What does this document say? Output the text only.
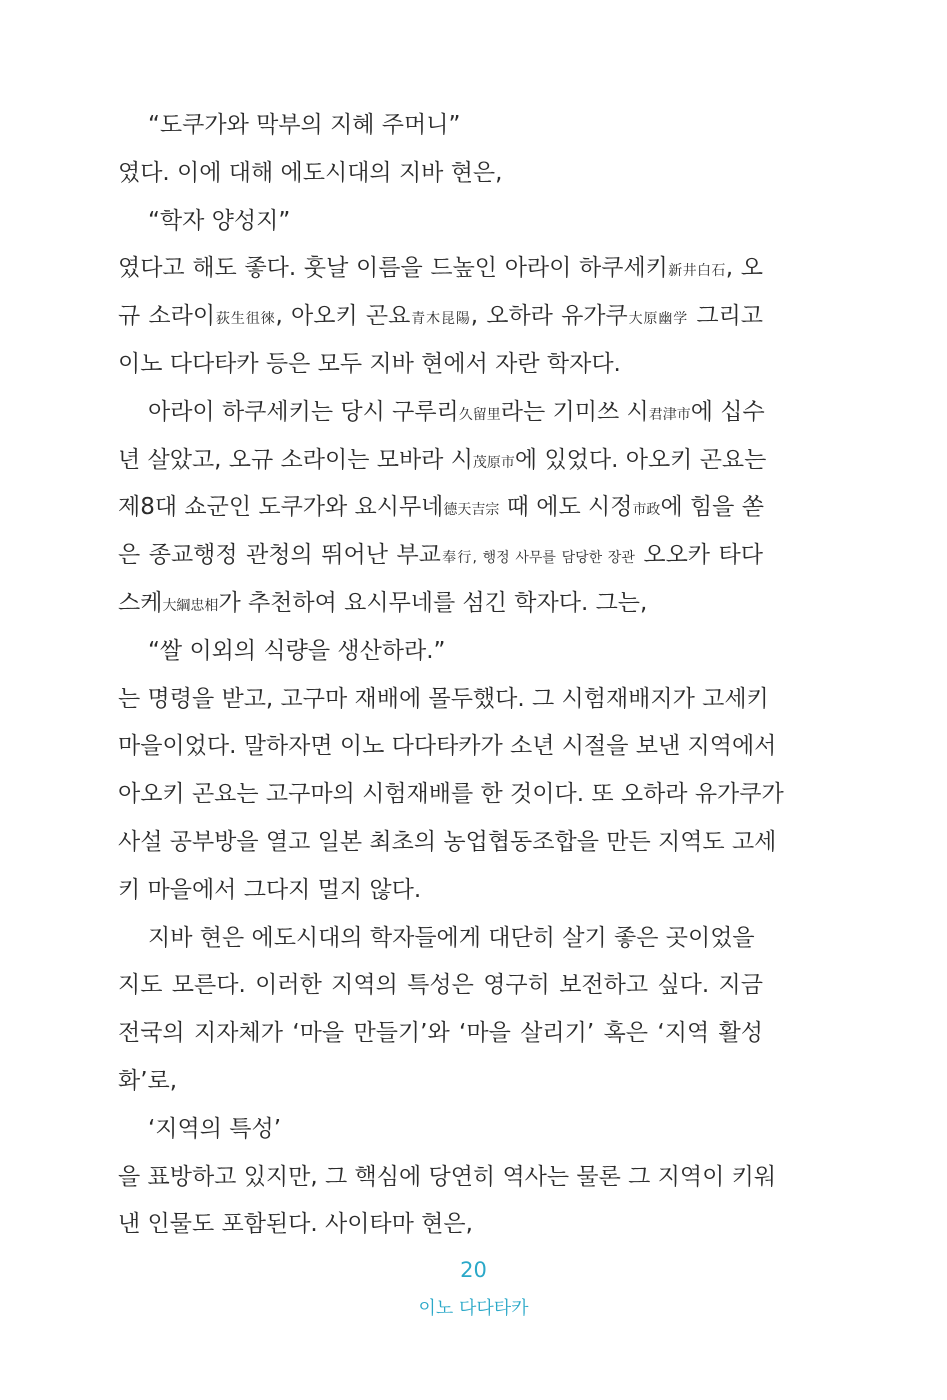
“도쿠가와 막부의 지혜 주머니”
였다. 이에 대해 에도시대의 지바 현은,
“학자 양성지”
였다고 해도 좋다. 훗날 이름을 드높인 아라이 하쿠세키新井白石, 오
규 소라이荻生徂徠, 아오키 곤요青木昆陽, 오하라 유가쿠大原幽学 그리고
이노 다다타카 등은 모두 지바 현에서 자란 학자다.
아라이 하쿠세키는 당시 구루리久留里라는 기미쓰 시君津市에 십수
년 살았고, 오규 소라이는 모바라 시茂原市에 있었다. 아오키 곤요는
제8대 쇼군인 도쿠가와 요시무네德天吉宗 때 에도 시정市政에 힘을 쏟
은 종교행정 관청의 뛰어난 부교奉行, 행정 사무를 담당한 장관 오오카 타다
스케大綱忠相가 추천하여 요시무네를 섬긴 학자다. 그는,
“쌀 이외의 식량을 생산하라.”
는 명령을 받고, 고구마 재배에 몰두했다. 그 시험재배지가 고세키
마을이었다. 말하자면 이노 다다타카가 소년 시절을 보낸 지역에서
아오키 곤요는 고구마의 시험재배를 한 것이다. 또 오하라 유가쿠가
사설 공부방을 열고 일본 최초의 농업협동조합을 만든 지역도 고세
키 마을에서 그다지 멀지 않다.
지바 현은 에도시대의 학자들에게 대단히 살기 좋은 곳이었을
지도 모른다. 이러한 지역의 특성은 영구히 보전하고 싶다. 지금
전국의 지자체가 ‘마을 만들기’와 ‘마을 살리기’ 혹은 ‘지역 활성
화’로,
‘지역의 특성’
을 표방하고 있지만, 그 핵심에 당연히 역사는 물론 그 지역이 키워
낸 인물도 포함된다. 사이타마 현은,
20
이노 다다타카
